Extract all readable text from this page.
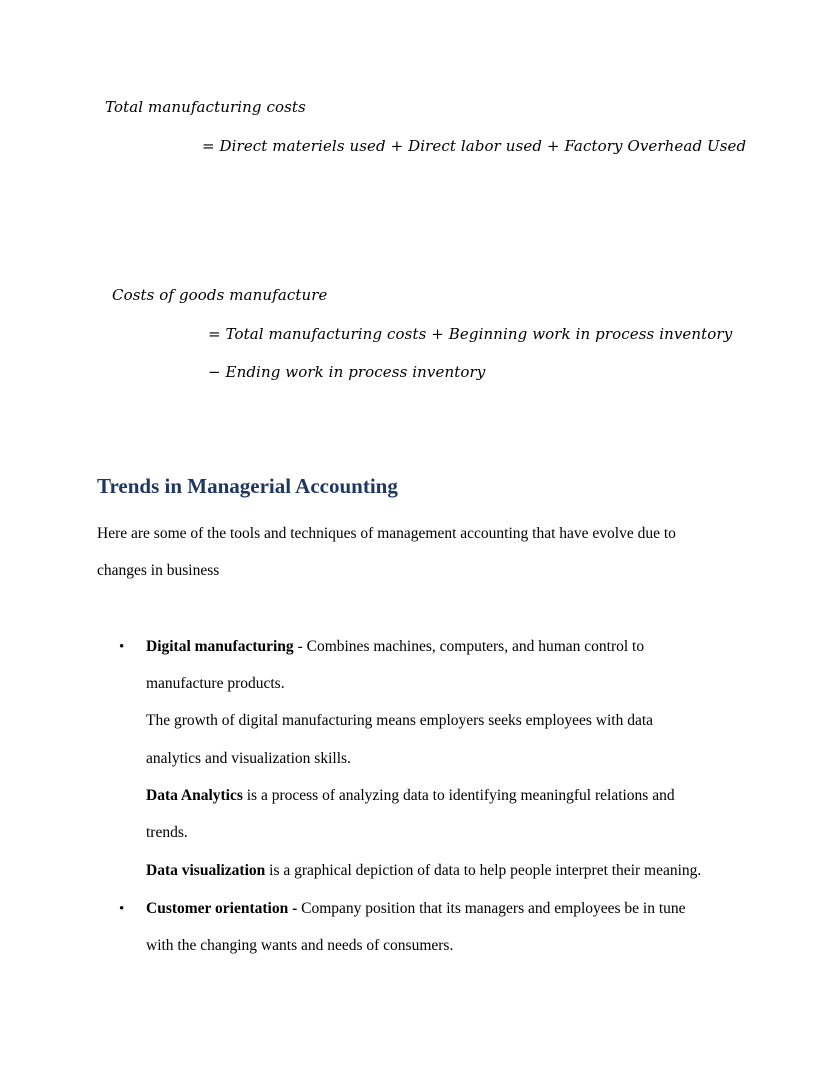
Total manufacturing costs
= Direct materiels used + Direct labor used + Factory Overhead Used
Costs of goods manufacture
= Total manufacturing costs + Beginning work in process inventory
− Ending work in process inventory
Trends in Managerial Accounting
Here are some of the tools and techniques of management accounting that have evolve due to
changes in business
• Digital manufacturing - Combines machines, computers, and human control to
manufacture products.
The growth of digital manufacturing means employers seeks employees with data
analytics and visualization skills.
Data Analytics is a process of analyzing data to identifying meaningful relations and
trends.
Data visualization is a graphical depiction of data to help people interpret their meaning.
• Customer orientation - Company position that its managers and employees be in tune
with the changing wants and needs of consumers.
